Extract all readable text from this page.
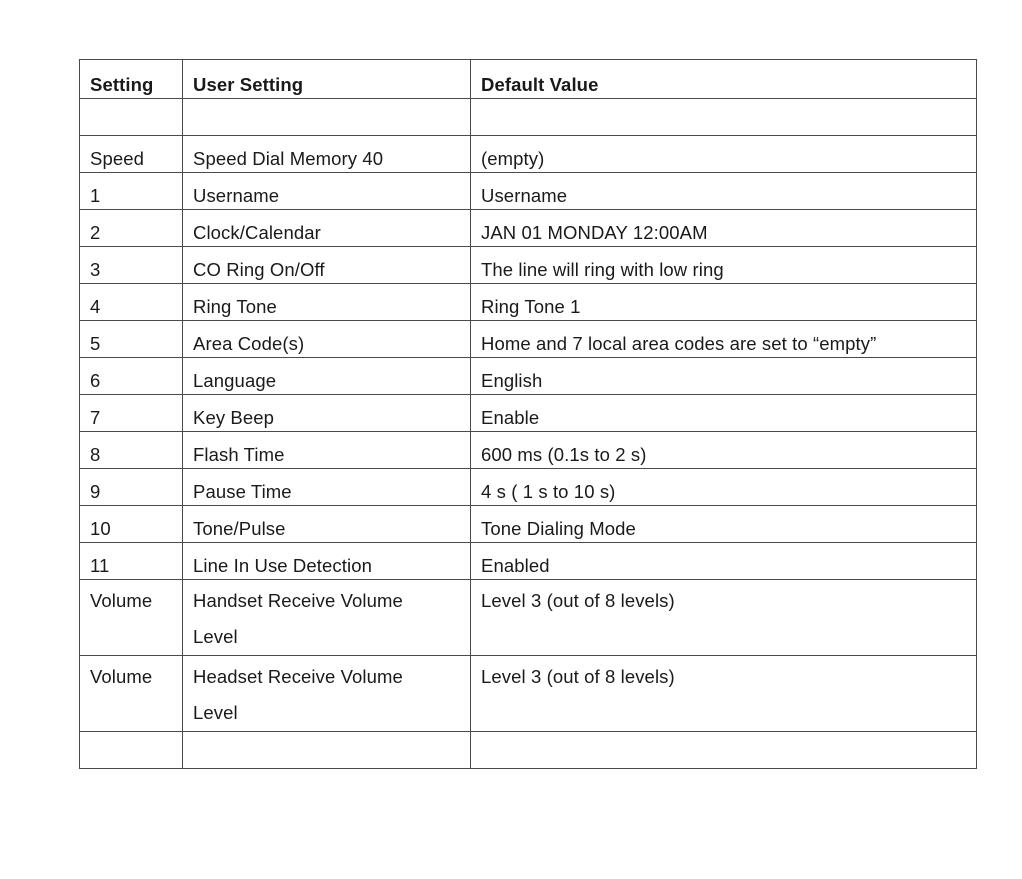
Setting	User Setting	Default Value

Speed	Speed Dial Memory 40	(empty)
1	Username	Username
2	Clock/Calendar	JAN 01 MONDAY 12:00AM
3	CO Ring On/Off	The line will ring with low ring
4	Ring Tone	Ring Tone 1
5	Area Code(s)	Home and 7 local area codes are set to “empty”
6	Language	English
7	Key Beep	Enable
8	Flash Time	600 ms (0.1s to 2 s)
9	Pause Time	4 s ( 1 s to 10 s)
10	Tone/Pulse	Tone Dialing Mode
11	Line In Use Detection	Enabled

Volume	Handset Receive Volume Level	Level 3 (out of 8 levels)

Volume	Headset Receive Volume Level	Level 3 (out of 8 levels)
